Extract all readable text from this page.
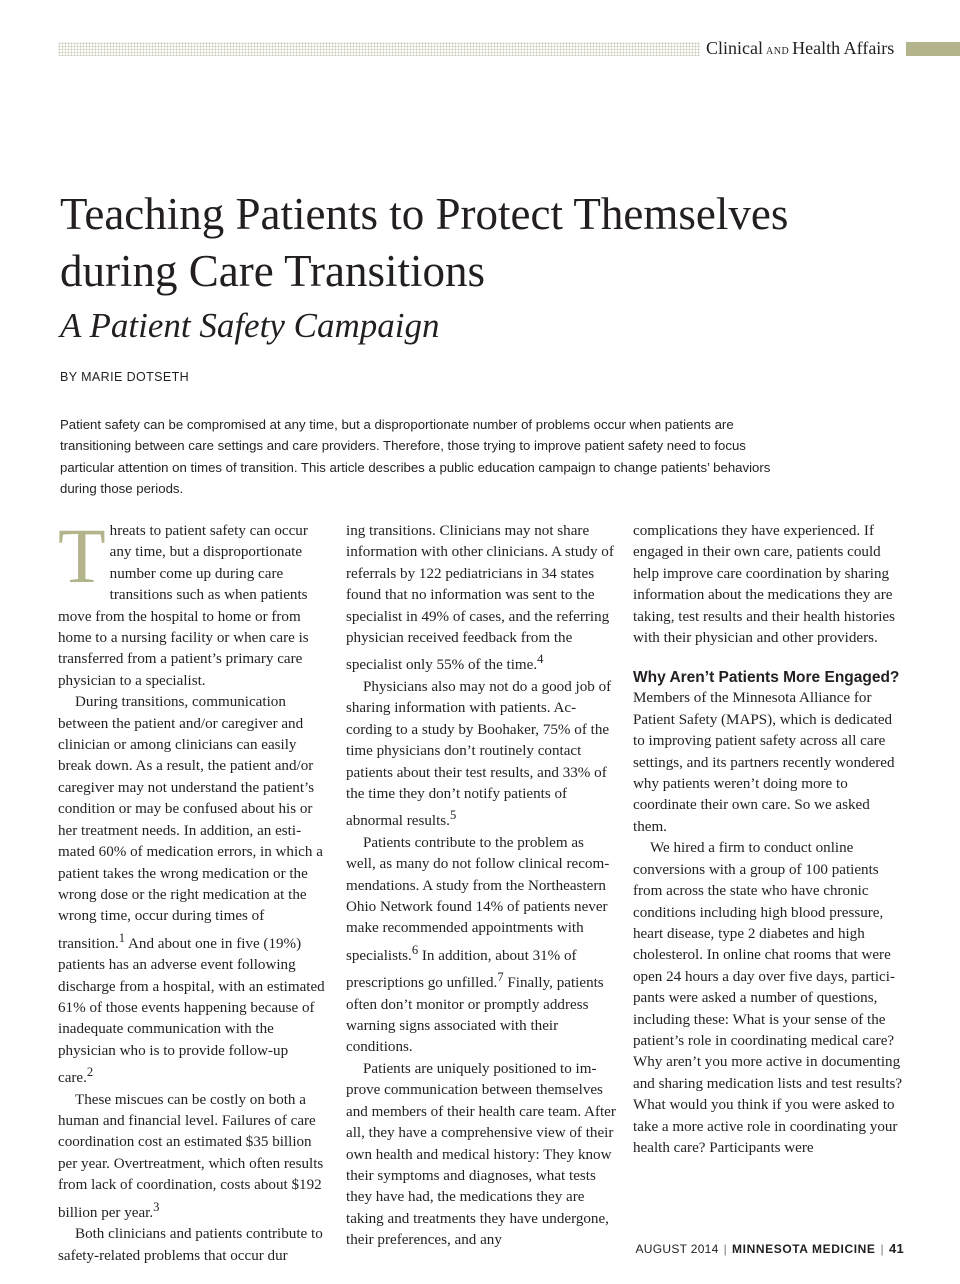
Clinical AND Health Affairs
Teaching Patients to Protect Themselves during Care Transitions
A Patient Safety Campaign
BY MARIE DOTSETH

Patient safety can be compromised at any time, but a disproportionate number of problems occur when patients are transitioning between care settings and care providers. Therefore, those trying to improve patient safety need to focus particular attention on times of transition. This article describes a public education campaign to change patients’ behaviors during those periods.

Threats to patient safety can occur any time, but a disproportionate number come up during care transitions such as when patients move from the hospital to home or from home to a nursing facility or when care is transferred from a patient’s primary care physician to a specialist.

During transitions, communication between the patient and/or caregiver and clinician or among clinicians can easily break down. As a result, the patient and/or caregiver may not understand the patient’s condition or may be confused about his or her treatment needs. In addition, an estimated 60% of medication errors, in which a patient takes the wrong medication or the wrong dose or the right medication at the wrong time, occur during times of transition.$^1$ And about one in five (19%) patients has an adverse event following discharge from a hospital, with an estimated 61% of those events happening because of inadequate communication with the physician who is to provide follow-up care.$^2$

These miscues can be costly on both a human and financial level. Failures of care coordination cost an estimated $35 billion per year. Overtreatment, which often results from lack of coordination, costs about $192 billion per year.$^3$

Both clinicians and patients contribute to safety-related problems that occur dur

ing transitions. Clinicians may not share information with other clinicians. A study of referrals by 122 pediatricians in 34 states found that no information was sent to the specialist in 49% of cases, and the referring physician received feedback from the specialist only 55% of the time.$^4$

Physicians also may not do a good job of sharing information with patients. According to a study by Boohaker, 75% of the time physicians don’t routinely contact patients about their test results, and 33% of the time they don’t notify patients of abnormal results.$^5$

Patients contribute to the problem as well, as many do not follow clinical recommendations. A study from the Northeastern Ohio Network found 14% of patients never make recommended appointments with specialists.$^6$ In addition, about 31% of prescriptions go unfilled.$^7$ Finally, patients often don’t monitor or promptly address warning signs associated with their conditions.

Patients are uniquely positioned to improve communication between themselves and members of their health care team. After all, they have a comprehensive view of their own health and medical history: They know their symptoms and diagnoses, what tests they have had, the medications they are taking and treatments they have undergone, their preferences, and any

complications they have experienced. If engaged in their own care, patients could help improve care coordination by sharing information about the medications they are taking, test results and their health histories with their physician and other providers.

Why Aren’t Patients More Engaged?

Members of the Minnesota Alliance for Patient Safety (MAPS), which is dedicated to improving patient safety across all care settings, and its partners recently wondered why patients weren’t doing more to coordinate their own care. So we asked them.

We hired a firm to conduct online conversions with a group of 100 patients from across the state who have chronic conditions including high blood pressure, heart disease, type 2 diabetes and high cholesterol. In online chat rooms that were open 24 hours a day over five days, participants were asked a number of questions, including these: What is your sense of the patient’s role in coordinating medical care? Why aren’t you more active in documenting and sharing medication lists and test results? What would you think if you were asked to take a more active role in coordinating your health care? Participants were

AUGUST 2014 | MINNESOTA MEDICINE | 41
